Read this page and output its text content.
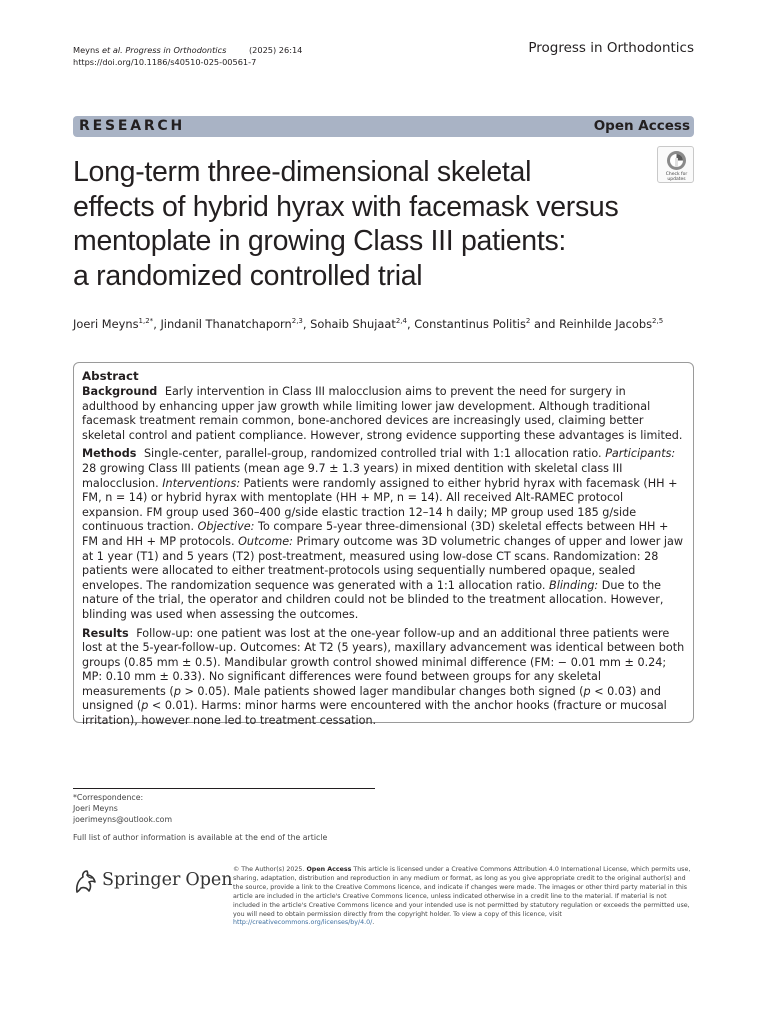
Meyns et al. Progress in Orthodontics	(2025) 26:14
https://doi.org/10.1186/s40510-025-00561-7
Progress in Orthodontics
RESEARCH	Open Access
Check for
updates
Long-term three-dimensional skeletal
effects of hybrid hyrax with facemask versus
mentoplate in growing Class III patients:
a randomized controlled trial
Joeri Meyns$^{1,2*}$, Jindanil Thanatchaporn$^{2,3}$, Sohaib Shujaat$^{2,4}$, Constantinus Politis$^2$ and Reinhilde Jacobs$^{2,5}$
Abstract

Background Early intervention in Class III malocclusion aims to prevent the need for surgery in adulthood by enhancing upper jaw growth while limiting lower jaw development. Although traditional facemask treatment remain common, bone-anchored devices are increasingly used, claiming better skeletal control and patient compliance. However, strong evidence supporting these advantages is limited.

Methods Single-center, parallel-group, randomized controlled trial with 1:1 allocation ratio. Participants: 28 growing Class III patients (mean age 9.7 ± 1.3 years) in mixed dentition with skeletal class III malocclusion. Interventions: Patients were randomly assigned to either hybrid hyrax with facemask (HH + FM, n = 14) or hybrid hyrax with mentoplate (HH + MP, n = 14). All received Alt-RAMEC protocol expansion. FM group used 360–400 g/side elastic traction 12–14 h daily; MP group used 185 g/side continuous traction. Objective: To compare 5-year three-dimensional (3D) skeletal effects between HH + FM and HH + MP protocols. Outcome: Primary outcome was 3D volumetric changes of upper and lower jaw at 1 year (T1) and 5 years (T2) post-treatment, measured using low-dose CT scans. Randomization: 28 patients were allocated to either treatment-protocols using sequentially numbered opaque, sealed envelopes. The randomization sequence was generated with a 1:1 allocation ratio. Blinding: Due to the nature of the trial, the operator and children could not be blinded to the treatment allocation. However, blinding was used when assessing the outcomes.

Results Follow-up: one patient was lost at the one-year follow-up and an additional three patients were lost at the 5-year-follow-up. Outcomes: At T2 (5 years), maxillary advancement was identical between both groups (0.85 mm ± 0.5). Mandibular growth control showed minimal difference (FM: − 0.01 mm ± 0.24; MP: 0.10 mm ± 0.33). No significant differences were found between groups for any skeletal measurements (p > 0.05). Male patients showed lager mandibular changes both signed (p < 0.03) and unsigned (p < 0.01). Harms: minor harms were encountered with the anchor hooks (fracture or mucosal irritation), however none led to treatment cessation.

*Correspondence:
Joeri Meyns
joerimeyns@outlook.com
Full list of author information is available at the end of the article
Springer Open
© The Author(s) 2025. Open Access This article is licensed under a Creative Commons Attribution 4.0 International License, which permits use, sharing, adaptation, distribution and reproduction in any medium or format, as long as you give appropriate credit to the original author(s) and the source, provide a link to the Creative Commons licence, and indicate if changes were made. The images or other third party material in this article are included in the article's Creative Commons licence, unless indicated otherwise in a credit line to the material. If material is not included in the article's Creative Commons licence and your intended use is not permitted by statutory regulation or exceeds the permitted use, you will need to obtain permission directly from the copyright holder. To view a copy of this licence, visit http://creativecommons.org/licenses/by/4.0/.
